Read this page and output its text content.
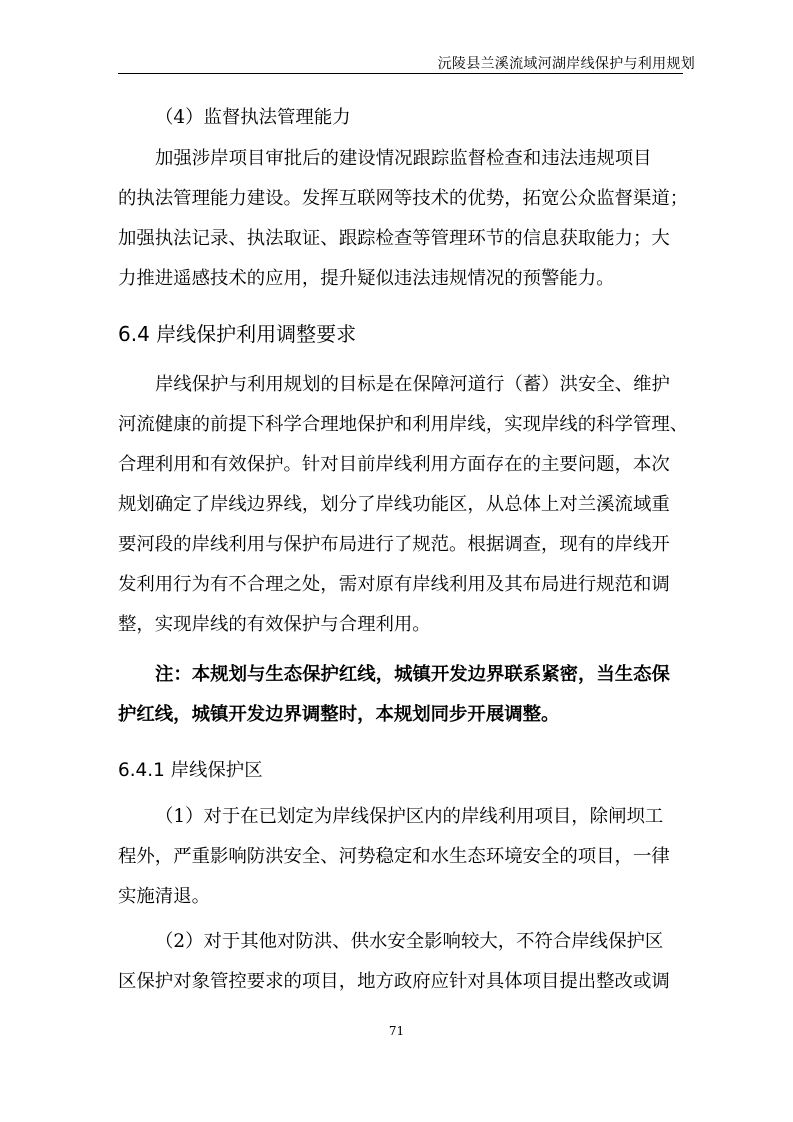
沅陵县兰溪流域河湖岸线保护与利用规划
（4）监督执法管理能力
加强涉岸项目审批后的建设情况跟踪监督检查和违法违规项目
的执法管理能力建设。发挥互联网等技术的优势，拓宽公众监督渠道；
加强执法记录、执法取证、跟踪检查等管理环节的信息获取能力；大
力推进遥感技术的应用，提升疑似违法违规情况的预警能力。
6.4 岸线保护利用调整要求
岸线保护与利用规划的目标是在保障河道行（蓄）洪安全、维护
河流健康的前提下科学合理地保护和利用岸线，实现岸线的科学管理、
合理利用和有效保护。针对目前岸线利用方面存在的主要问题，本次
规划确定了岸线边界线，划分了岸线功能区，从总体上对兰溪流域重
要河段的岸线利用与保护布局进行了规范。根据调查，现有的岸线开
发利用行为有不合理之处，需对原有岸线利用及其布局进行规范和调
整，实现岸线的有效保护与合理利用。
注：本规划与生态保护红线，城镇开发边界联系紧密，当生态保
护红线，城镇开发边界调整时，本规划同步开展调整。
6.4.1 岸线保护区
（1）对于在已划定为岸线保护区内的岸线利用项目，除闸坝工
程外，严重影响防洪安全、河势稳定和水生态环境安全的项目，一律
实施清退。
（2）对于其他对防洪、供水安全影响较大，不符合岸线保护区
区保护对象管控要求的项目，地方政府应针对具体项目提出整改或调
71
